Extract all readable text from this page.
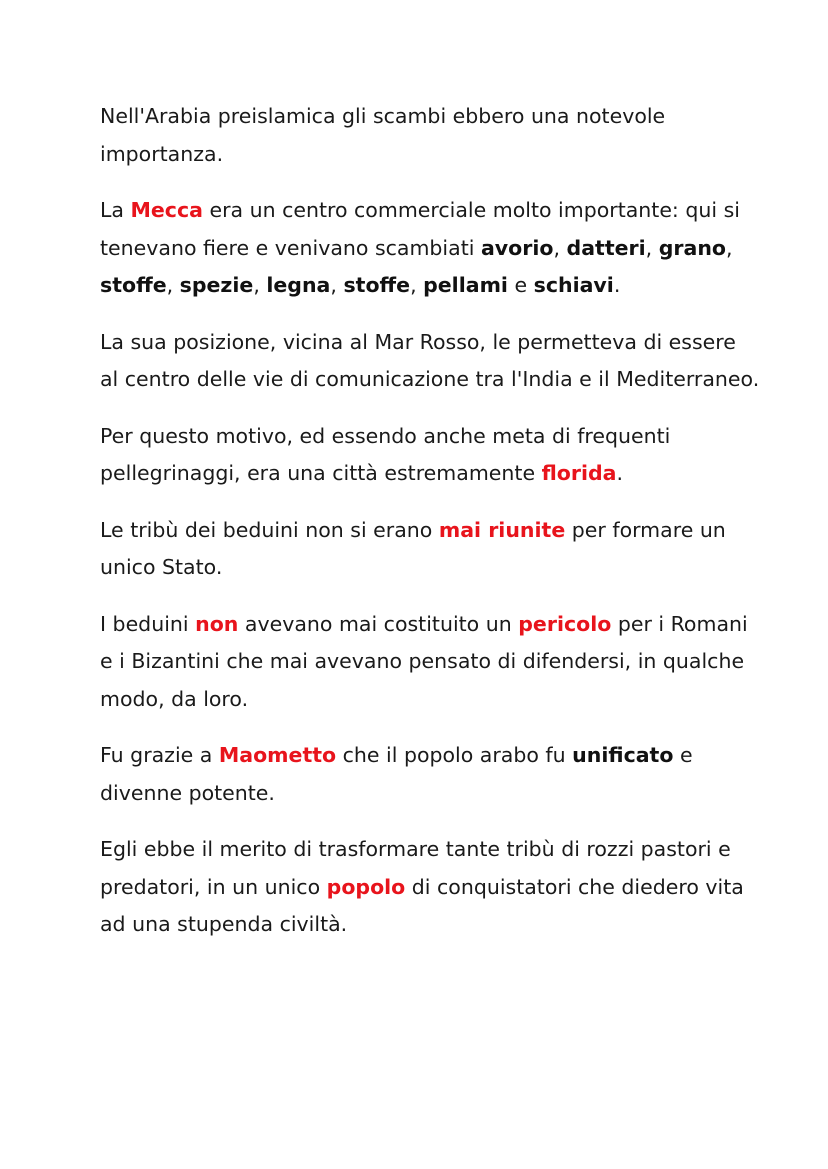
Nell'Arabia preislamica gli scambi ebbero una notevole importanza.

La Mecca era un centro commerciale molto importante: qui si tenevano fiere e venivano scambiati avorio, datteri, grano, stoffe, spezie, legna, stoffe, pellami e schiavi.

La sua posizione, vicina al Mar Rosso, le permetteva di essere al centro delle vie di comunicazione tra l'India e il Mediterraneo.

Per questo motivo, ed essendo anche meta di frequenti pellegrinaggi, era una città estremamente florida.

Le tribù dei beduini non si erano mai riunite per formare un unico Stato.

I beduini non avevano mai costituito un pericolo per i Romani e i Bizantini che mai avevano pensato di difendersi, in qualche modo, da loro.

Fu grazie a Maometto che il popolo arabo fu unificato e divenne potente.

Egli ebbe il merito di trasformare tante tribù di rozzi pastori e predatori, in un unico popolo di conquistatori che diedero vita ad una stupenda civiltà.
